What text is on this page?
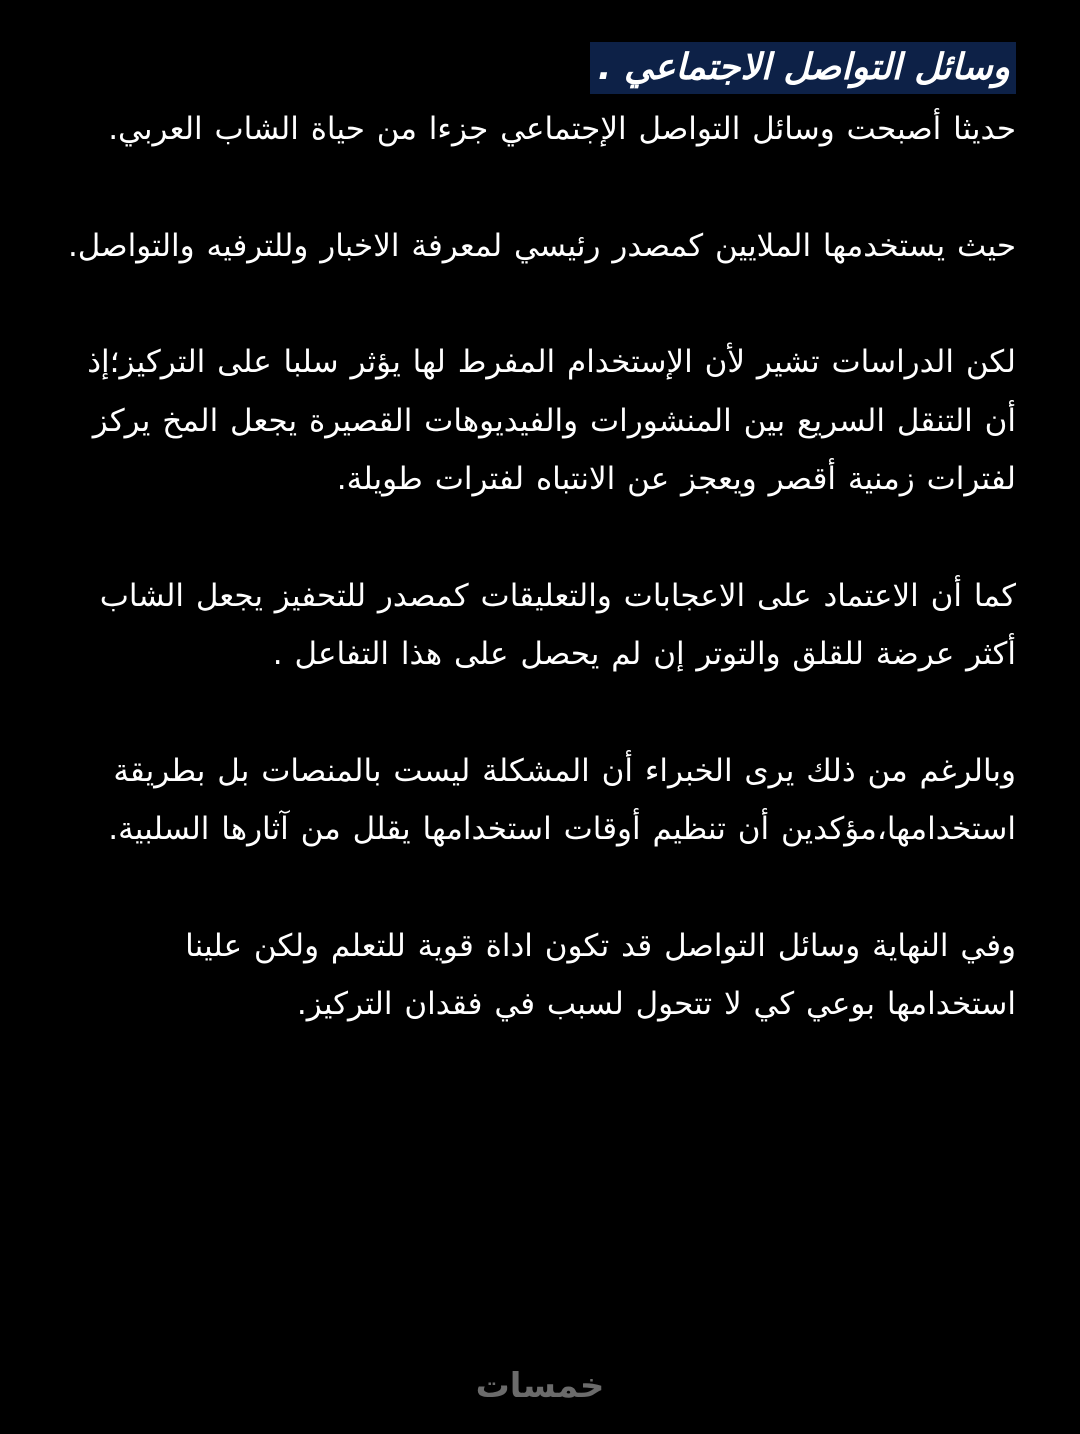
وسائل التواصل الاجتماعي .

حديثا أصبحت وسائل التواصل الإجتماعي جزءا من حياة الشاب العربي.

حيث يستخدمها الملايين كمصدر رئيسي لمعرفة الاخبار وللترفيه والتواصل.

لكن الدراسات تشير لأن الإستخدام المفرط لها يؤثر سلبا على التركيز؛إذ أن التنقل السريع بين المنشورات والفيديوهات القصيرة يجعل المخ يركز لفترات زمنية أقصر ويعجز عن الانتباه لفترات طويلة.

كما أن الاعتماد على الاعجابات والتعليقات كمصدر للتحفيز يجعل الشاب أكثر عرضة للقلق والتوتر إن لم يحصل على هذا التفاعل .

وبالرغم من ذلك يرى الخبراء أن المشكلة ليست بالمنصات بل بطريقة استخدامها،مؤكدين أن تنظيم أوقات استخدامها يقلل من آثارها السلبية.

وفي النهاية وسائل التواصل قد تكون اداة قوية للتعلم ولكن علينا استخدامها بوعي كي لا تتحول لسبب في فقدان التركيز.

خمسات
